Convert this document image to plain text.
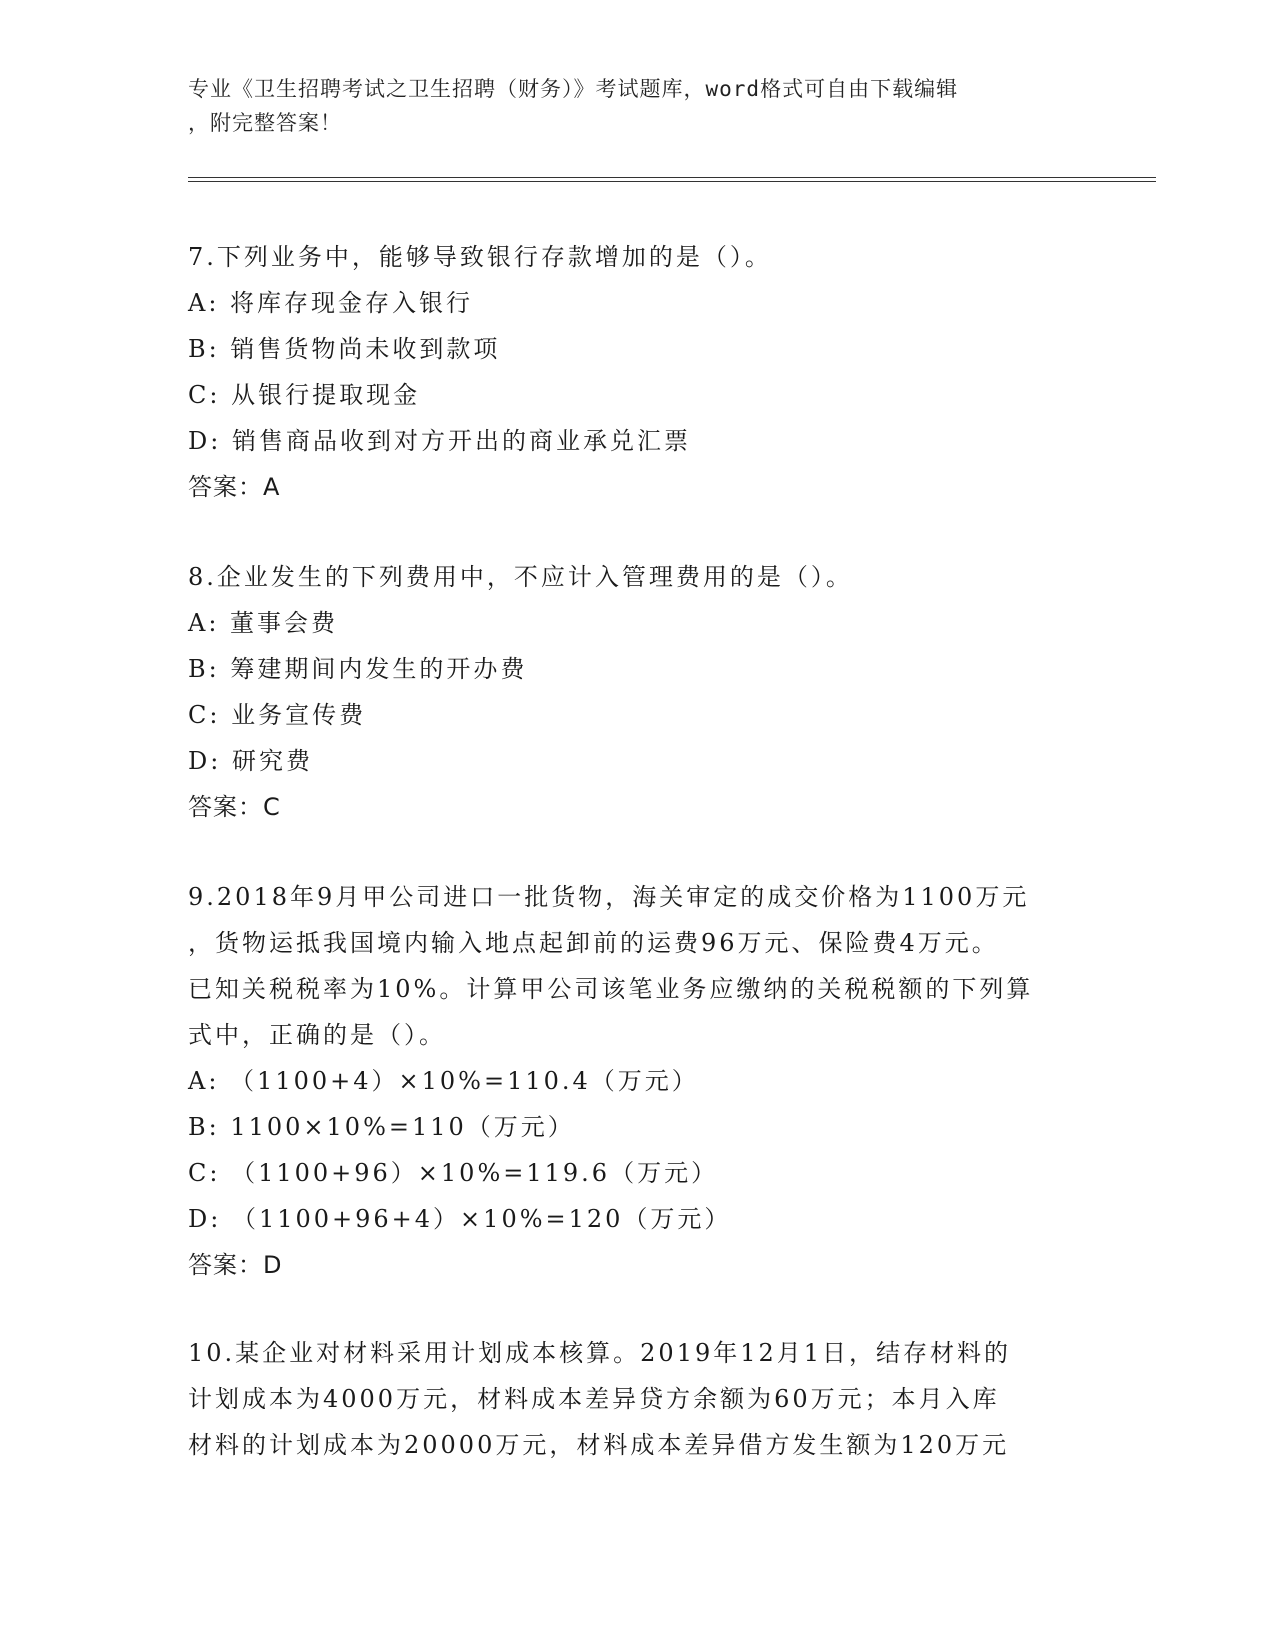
专业《卫生招聘考试之卫生招聘（财务）》考试题库，word格式可自由下载编辑
，附完整答案！
7.下列业务中，能够导致银行存款增加的是（）。
A: 将库存现金存入银行
B: 销售货物尚未收到款项
C: 从银行提取现金
D: 销售商品收到对方开出的商业承兑汇票
答案：A
8.企业发生的下列费用中，不应计入管理费用的是（）。
A: 董事会费
B: 筹建期间内发生的开办费
C: 业务宣传费
D: 研究费
答案：C
9.2018年9月甲公司进口一批货物，海关审定的成交价格为1100万元
，货物运抵我国境内输入地点起卸前的运费96万元、保险费4万元。
已知关税税率为10%。计算甲公司该笔业务应缴纳的关税税额的下列算
式中，正确的是（）。
A: （1100+4）×10%=110.4（万元）
B: 1100×10%=110（万元）
C: （1100+96）×10%=119.6（万元）
D: （1100+96+4）×10%=120（万元）
答案：D
10.某企业对材料采用计划成本核算。2019年12月1日，结存材料的
计划成本为4000万元，材料成本差异贷方余额为60万元；本月入库
材料的计划成本为20000万元，材料成本差异借方发生额为120万元
